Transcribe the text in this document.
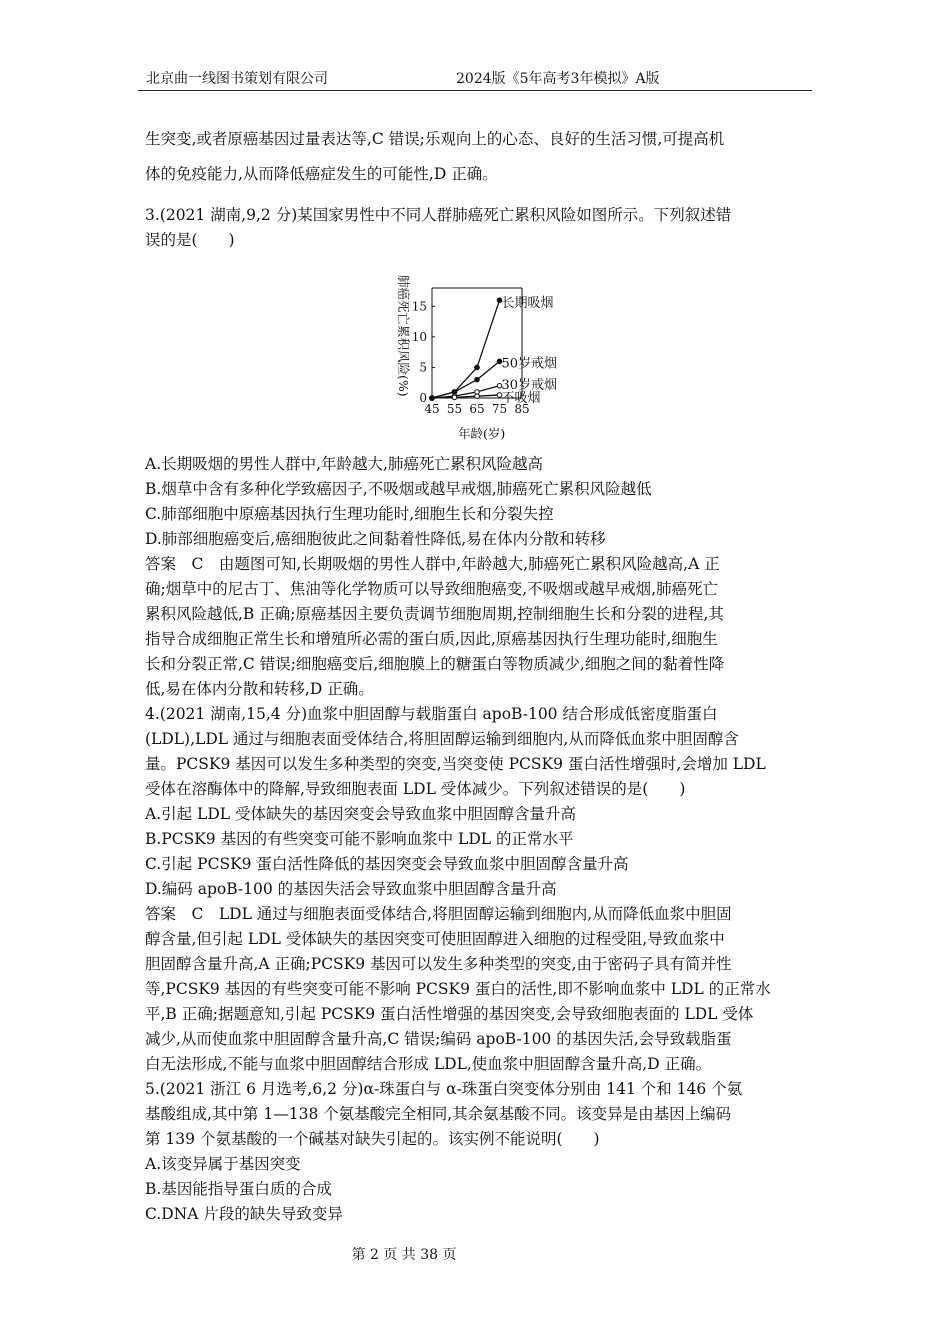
北京曲一线图书策划有限公司	2024版《5年高考3年模拟》A版
生突变,或者原癌基因过量表达等,C 错误;乐观向上的心态、良好的生活习惯,可提高机
体的免疫能力,从而降低癌症发生的可能性,D 正确。
3.(2021 湖南,9,2 分)某国家男性中不同人群肺癌死亡累积风险如图所示。下列叙述错
误的是(　　)
肺癌死亡累积风险(%)
0
5
10
15
45 55 65 75 85
长期吸烟
50岁戒烟
30岁戒烟
不吸烟
年龄(岁)
A.长期吸烟的男性人群中,年龄越大,肺癌死亡累积风险越高
B.烟草中含有多种化学致癌因子,不吸烟或越早戒烟,肺癌死亡累积风险越低
C.肺部细胞中原癌基因执行生理功能时,细胞生长和分裂失控
D.肺部细胞癌变后,癌细胞彼此之间黏着性降低,易在体内分散和转移
答案　C　由题图可知,长期吸烟的男性人群中,年龄越大,肺癌死亡累积风险越高,A 正
确;烟草中的尼古丁、焦油等化学物质可以导致细胞癌变,不吸烟或越早戒烟,肺癌死亡
累积风险越低,B 正确;原癌基因主要负责调节细胞周期,控制细胞生长和分裂的进程,其
指导合成细胞正常生长和增殖所必需的蛋白质,因此,原癌基因执行生理功能时,细胞生
长和分裂正常,C 错误;细胞癌变后,细胞膜上的糖蛋白等物质减少,细胞之间的黏着性降
低,易在体内分散和转移,D 正确。
4.(2021 湖南,15,4 分)血浆中胆固醇与载脂蛋白 apoB-100 结合形成低密度脂蛋白
(LDL),LDL 通过与细胞表面受体结合,将胆固醇运输到细胞内,从而降低血浆中胆固醇含
量。PCSK9 基因可以发生多种类型的突变,当突变使 PCSK9 蛋白活性增强时,会增加 LDL
受体在溶酶体中的降解,导致细胞表面 LDL 受体减少。下列叙述错误的是(　　)
A.引起 LDL 受体缺失的基因突变会导致血浆中胆固醇含量升高
B.PCSK9 基因的有些突变可能不影响血浆中 LDL 的正常水平
C.引起 PCSK9 蛋白活性降低的基因突变会导致血浆中胆固醇含量升高
D.编码 apoB-100 的基因失活会导致血浆中胆固醇含量升高
答案　C　LDL 通过与细胞表面受体结合,将胆固醇运输到细胞内,从而降低血浆中胆固
醇含量,但引起 LDL 受体缺失的基因突变可使胆固醇进入细胞的过程受阻,导致血浆中
胆固醇含量升高,A 正确;PCSK9 基因可以发生多种类型的突变,由于密码子具有简并性
等,PCSK9 基因的有些突变可能不影响 PCSK9 蛋白的活性,即不影响血浆中 LDL 的正常水
平,B 正确;据题意知,引起 PCSK9 蛋白活性增强的基因突变,会导致细胞表面的 LDL 受体
减少,从而使血浆中胆固醇含量升高,C 错误;编码 apoB-100 的基因失活,会导致载脂蛋
白无法形成,不能与血浆中胆固醇结合形成 LDL,使血浆中胆固醇含量升高,D 正确。
5.(2021 浙江 6 月选考,6,2 分)α-珠蛋白与 α-珠蛋白突变体分别由 141 个和 146 个氨
基酸组成,其中第 1—138 个氨基酸完全相同,其余氨基酸不同。该变异是由基因上编码
第 139 个氨基酸的一个碱基对缺失引起的。该实例不能说明(　　)
A.该变异属于基因突变
B.基因能指导蛋白质的合成
C.DNA 片段的缺失导致变异
第 2 页 共 38 页
